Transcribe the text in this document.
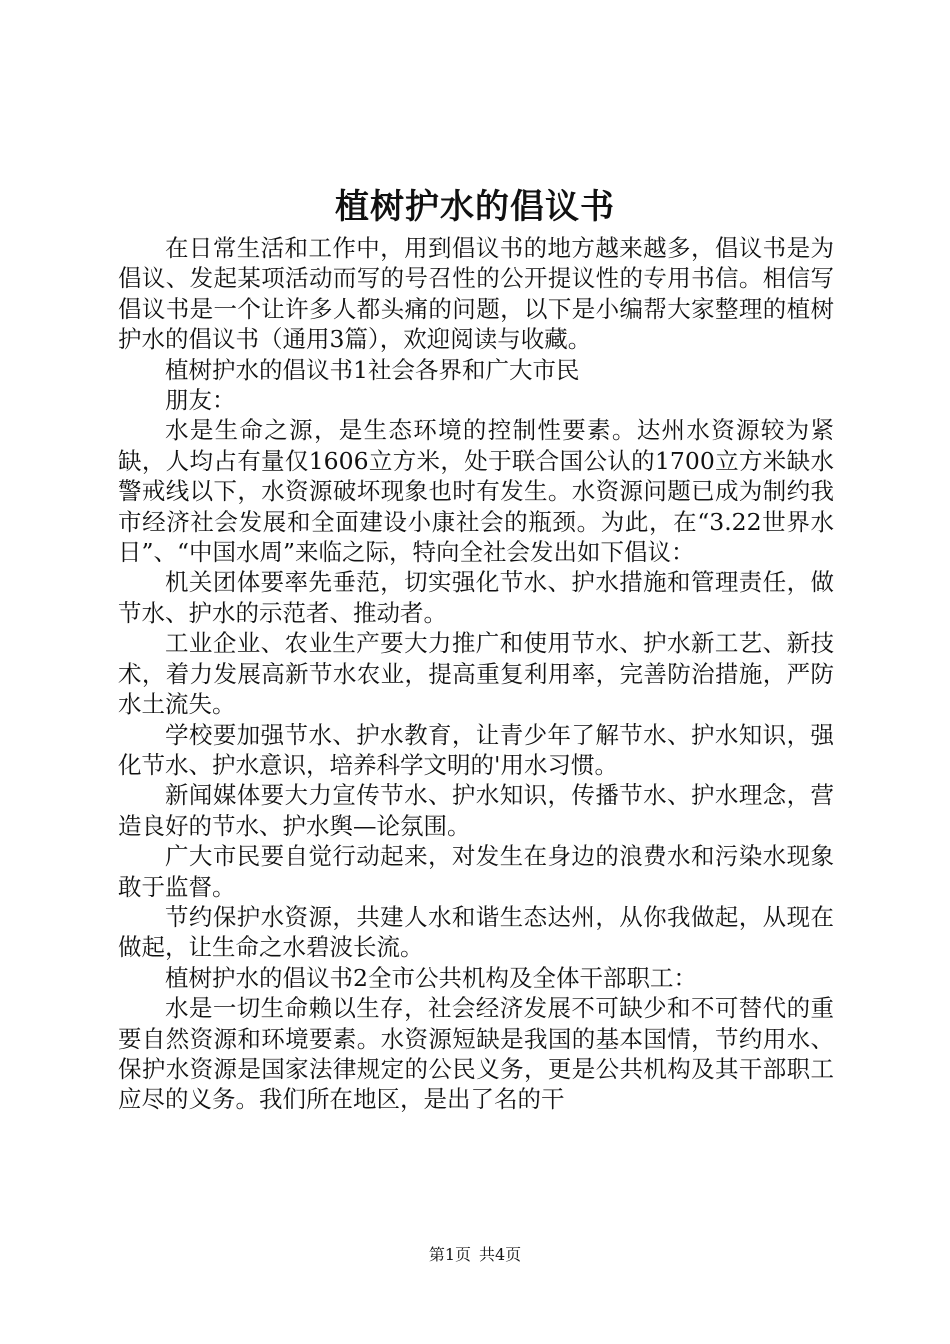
植树护水的倡议书

在日常生活和工作中，用到倡议书的地方越来越多，倡议书是为倡议、发起某项活动而写的号召性的公开提议性的专用书信。相信写倡议书是一个让许多人都头痛的问题，以下是小编帮大家整理的植树护水的倡议书（通用3篇），欢迎阅读与收藏。

植树护水的倡议书1社会各界和广大市民

朋友：

水是生命之源，是生态环境的控制性要素。达州水资源较为紧缺，人均占有量仅1606立方米，处于联合国公认的1700立方米缺水警戒线以下，水资源破坏现象也时有发生。水资源问题已成为制约我市经济社会发展和全面建设小康社会的瓶颈。为此，在“3.22世界水日”、“中国水周”来临之际，特向全社会发出如下倡议：

机关团体要率先垂范，切实强化节水、护水措施和管理责任，做节水、护水的示范者、推动者。

工业企业、农业生产要大力推广和使用节水、护水新工艺、新技术，着力发展高新节水农业，提高重复利用率，完善防治措施，严防水土流失。

学校要加强节水、护水教育，让青少年了解节水、护水知识，强化节水、护水意识，培养科学文明的'用水习惯。

新闻媒体要大力宣传节水、护水知识，传播节水、护水理念，营造良好的节水、护水舆—论氛围。

广大市民要自觉行动起来，对发生在身边的浪费水和污染水现象敢于监督。

节约保护水资源，共建人水和谐生态达州，从你我做起，从现在做起，让生命之水碧波长流。

植树护水的倡议书2全市公共机构及全体干部职工：

水是一切生命赖以生存，社会经济发展不可缺少和不可替代的重要自然资源和环境要素。水资源短缺是我国的基本国情，节约用水、保护水资源是国家法律规定的公民义务，更是公共机构及其干部职工应尽的义务。我们所在地区，是出了名的干

第1页 共4页
